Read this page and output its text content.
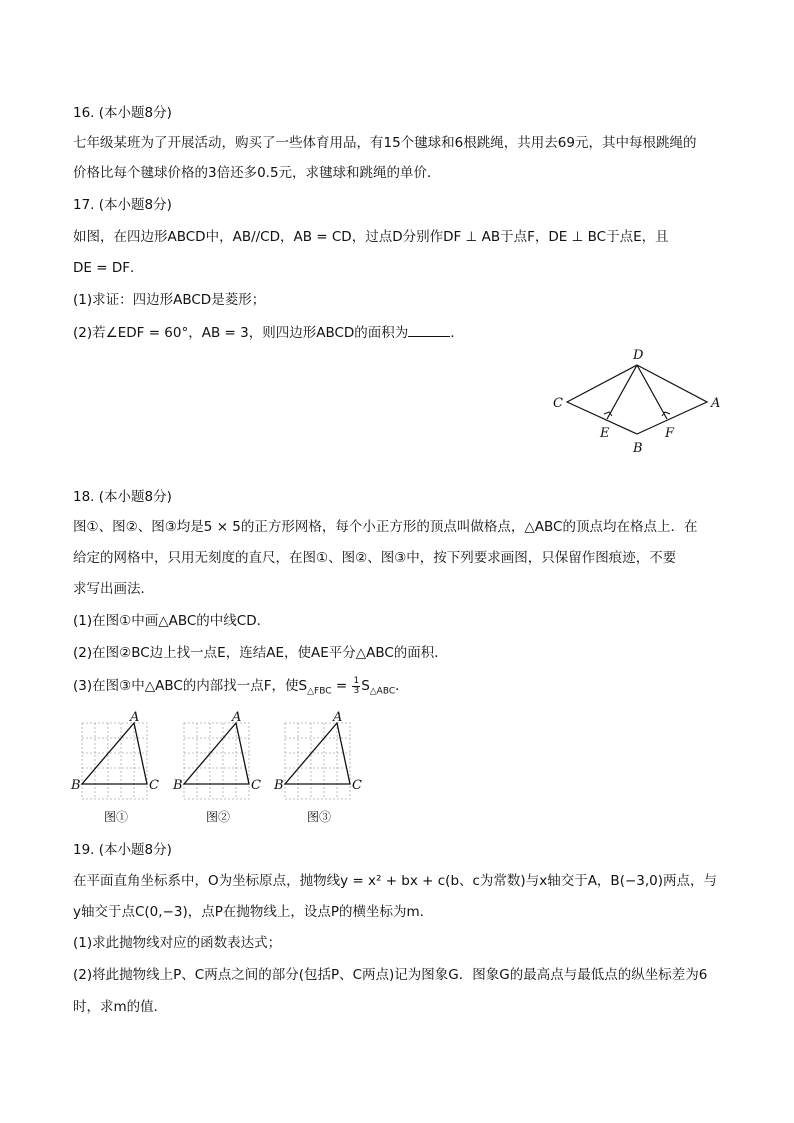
16. (本小题8分)
七年级某班为了开展活动，购买了一些体育用品，有15个毽球和6根跳绳，共用去69元，其中每根跳绳的
价格比每个毽球价格的3倍还多0.5元，求毽球和跳绳的单价．
17. (本小题8分)
如图，在四边形ABCD中，AB//CD，AB = CD，过点D分别作DF ⊥ AB于点F，DE ⊥ BC于点E，且
DE = DF．
(1)求证：四边形ABCD是菱形；
(2)若∠EDF = 60°，AB = 3，则四边形ABCD的面积为	．
D
C	A
E	F
B
18. (本小题8分)
图①、图②、图③均是5 × 5的正方形网格，每个小正方形的顶点叫做格点，△ABC的顶点均在格点上．在
给定的网格中，只用无刻度的直尺，在图①、图②、图③中，按下列要求画图，只保留作图痕迹，不要
求写出画法．
(1)在图①中画△ABC的中线CD．
(2)在图②BC边上找一点E，连结AE，使AE平分△ABC的面积．
(3)在图③中△ABC的内部找一点F，使$S_{\triangle FBC} = \frac{1}{3} S_{\triangle ABC}$．
A
B	C
图①
A
B	C
图②
A
B	C
图③
19. (本小题8分)
在平面直角坐标系中，O为坐标原点，抛物线y = x² + bx + c(b、c为常数)与x轴交于A，B(−3,0)两点，与
y轴交于点C(0,−3)，点P在抛物线上，设点P的横坐标为m．
(1)求此抛物线对应的函数表达式；
(2)将此抛物线上P、C两点之间的部分(包括P、C两点)记为图象G．图象G的最高点与最低点的纵坐标差为6
时，求m的值．
